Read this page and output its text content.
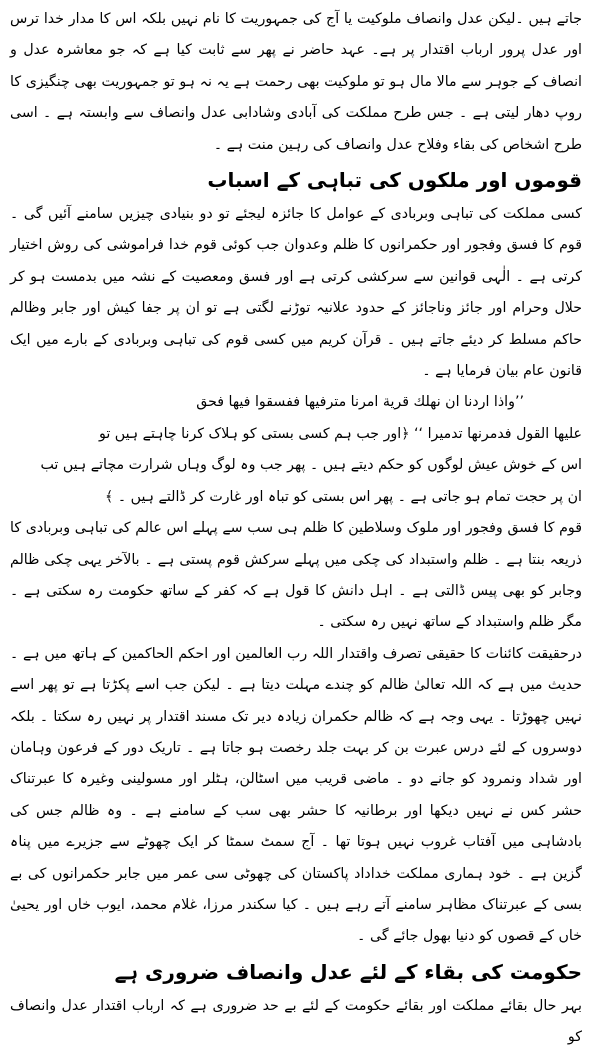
جاتے ہیں ۔لیکن عدل وانصاف ملوکیت یا آج کی جمہوریت کا نام نہیں بلکہ اس کا مدار خدا ترس اور عدل پرور ارباب اقتدار پر ہے۔ عہد حاضر نے پھر سے ثابت کیا ہے کہ جو معاشرہ عدل و انصاف کے جوہر سے مالا مال ہو تو ملوکیت بھی رحمت ہے یہ نہ ہو تو جمہوریت بھی چنگیزی کا روپ دھار لیتی ہے ۔ جس طرح مملکت کی آبادی وشادابی عدل وانصاف سے وابستہ ہے ۔ اسی طرح اشخاص کی بقاء وفلاح عدل وانصاف کی رہین منت ہے ۔

قوموں اور ملکوں کی تباہی کے اسباب

کسی مملکت کی تباہی وبربادی کے عوامل کا جائزہ لیجئے تو دو بنیادی چیزیں سامنے آئیں گی ۔ قوم کا فسق وفجور اور حکمرانوں کا ظلم وعدوان جب کوئی قوم خدا فراموشی کی روش اختیار کرتی ہے ۔ الٰہی قوانین سے سرکشی کرتی ہے اور فسق ومعصیت کے نشہ میں بدمست ہو کر حلال وحرام اور جائز وناجائز کے حدود علانیہ توڑنے لگتی ہے تو ان پر جفا کیش اور جابر وظالم حاکم مسلط کر دیئے جاتے ہیں ۔ قرآن کریم میں کسی قوم کی تباہی وبربادی کے بارے میں ایک قانون عام بیان فرمایا ہے ۔

’’واذا اردنا ان نهلك قرية امرنا مترفيها ففسقوا فيها فحق

عليها القول فدمرنها تدميرا ‘‘ ﴿اور جب ہم کسی بستی کو ہلاک کرنا چاہتے ہیں تو

اس کے خوش عیش لوگوں کو حکم دیتے ہیں ۔ پھر جب وہ لوگ وہاں شرارت مچاتے ہیں تب

ان پر حجت تمام ہو جاتی ہے ۔ پھر اس بستی کو تباہ اور غارت کر ڈالتے ہیں ۔ ﴾

قوم کا فسق وفجور اور ملوک وسلاطین کا ظلم ہی سب سے پہلے اس عالم کی تباہی وبربادی کا ذریعہ بنتا ہے ۔ ظلم واستبداد کی چکی میں پہلے سرکش قوم پستی ہے ۔ بالآخر یہی چکی ظالم وجابر کو بھی پیس ڈالتی ہے ۔ اہل دانش کا قول ہے کہ کفر کے ساتھ حکومت رہ سکتی ہے ۔ مگر ظلم واستبداد کے ساتھ نہیں رہ سکتی ۔

درحقیقت کائنات کا حقیقی تصرف واقتدار اللہ رب العالمین اور احکم الحاکمین کے ہاتھ میں ہے ۔ حدیث میں ہے کہ اللہ تعالیٰ ظالم کو چندے مہلت دیتا ہے ۔ لیکن جب اسے پکڑتا ہے تو پھر اسے نہیں چھوڑتا ۔ یہی وجہ ہے کہ ظالم حکمران زیادہ دیر تک مسند اقتدار پر نہیں رہ سکتا ۔ بلکہ دوسروں کے لئے درس عبرت بن کر بہت جلد رخصت ہو جاتا ہے ۔ تاریک دور کے فرعون وہامان اور شداد ونمرود کو جانے دو ۔ ماضی قریب میں اسٹالن، ہٹلر اور مسولینی وغیرہ کا عبرتناک حشر کس نے نہیں دیکھا اور برطانیہ کا حشر بھی سب کے سامنے ہے ۔ وہ ظالم جس کی بادشاہی میں آفتاب غروب نہیں ہوتا تھا ۔ آج سمٹ سمٹا کر ایک چھوٹے سے جزیرے میں پناہ گزین ہے ۔ خود ہماری مملکت خداداد پاکستان کی چھوٹی سی عمر میں جابر حکمرانوں کی بے بسی کے عبرتناک مظاہر سامنے آتے رہے ہیں ۔ کیا سکندر مرزا، غلام محمد، ایوب خاں اور یحییٰ خاں کے قصوں کو دنیا بھول جائے گی ۔

حکومت کی بقاء کے لئے عدل وانصاف ضروری ہے

بہر حال بقائے مملکت اور بقائے حکومت کے لئے بے حد ضروری ہے کہ ارباب اقتدار عدل وانصاف کو
